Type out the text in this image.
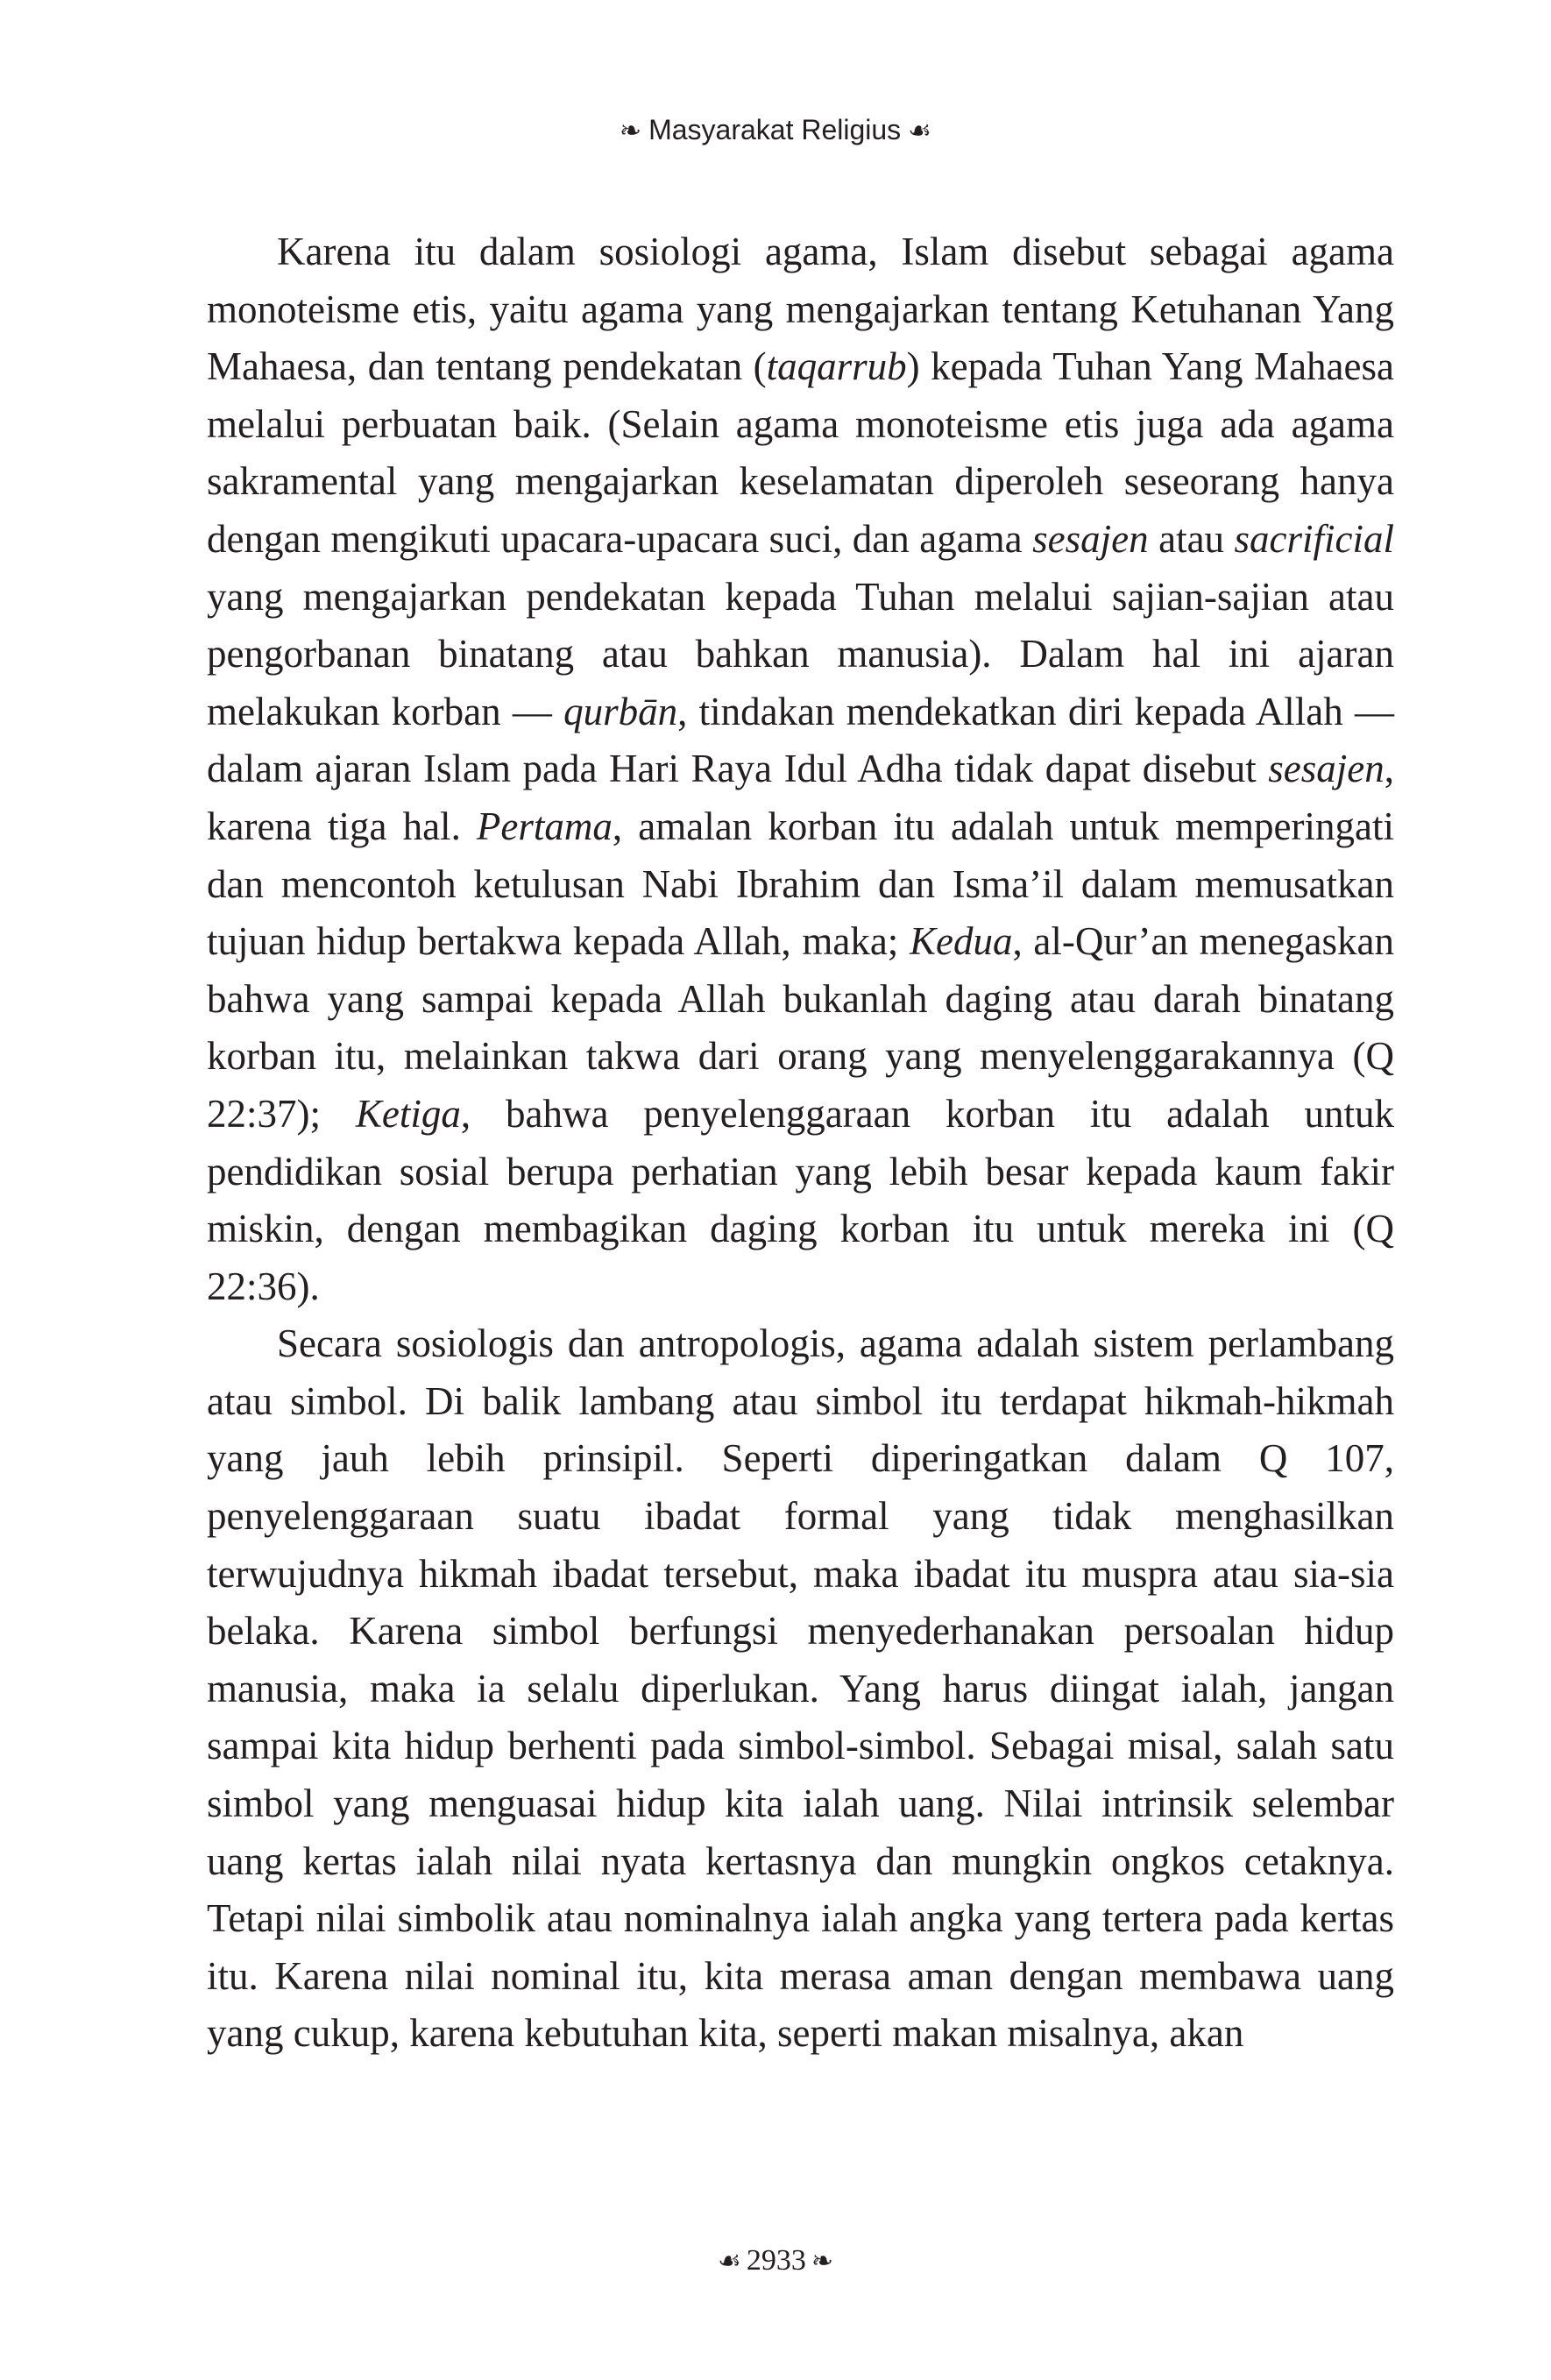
❧ Masyarakat Religius ☙

Karena itu dalam sosiologi agama, Islam disebut sebagai agama monoteisme etis, yaitu agama yang mengajarkan tentang Ketuhanan Yang Mahaesa, dan tentang pendekatan (taqarrub) kepada Tuhan Yang Mahaesa melalui perbuatan baik. (Selain agama monoteisme etis juga ada agama sakramental yang mengajarkan keselamatan diperoleh seseorang hanya dengan mengikuti upacara-upacara suci, dan agama sesajen atau sacrificial yang mengajarkan pendekatan kepada Tuhan melalui sajian-sajian atau pengorbanan binatang atau bahkan manusia). Dalam hal ini ajaran melakukan korban — qurbān, tindakan mendekatkan diri kepada Allah — dalam ajaran Islam pada Hari Raya Idul Adha tidak dapat disebut sesajen, karena tiga hal. Pertama, amalan korban itu adalah untuk memperingati dan mencontoh ketulusan Nabi Ibrahim dan Isma’il dalam memusatkan tujuan hidup bertakwa kepada Allah, maka; Kedua, al-Qur’an menegaskan bahwa yang sampai kepada Allah bukanlah daging atau darah binatang korban itu, melainkan takwa dari orang yang menyelenggarakannya (Q 22:37); Ketiga, bahwa penyelenggaraan korban itu adalah untuk pendidikan sosial berupa perhatian yang lebih besar kepada kaum fakir miskin, dengan membagikan daging korban itu untuk mereka ini (Q 22:36).

Secara sosiologis dan antropologis, agama adalah sistem perlambang atau simbol. Di balik lambang atau simbol itu terdapat hikmah-hikmah yang jauh lebih prinsipil. Seperti diperingatkan dalam Q 107, penyelenggaraan suatu ibadat formal yang tidak menghasilkan terwujudnya hikmah ibadat tersebut, maka ibadat itu muspra atau sia-sia belaka. Karena simbol berfungsi menyederhanakan persoalan hidup manusia, maka ia selalu diperlukan. Yang harus diingat ialah, jangan sampai kita hidup berhenti pada simbol-simbol. Sebagai misal, salah satu simbol yang menguasai hidup kita ialah uang. Nilai intrinsik selembar uang kertas ialah nilai nyata kertasnya dan mungkin ongkos cetaknya. Tetapi nilai simbolik atau nominalnya ialah angka yang tertera pada kertas itu. Karena nilai nominal itu, kita merasa aman dengan membawa uang yang cukup, karena kebutuhan kita, seperti makan misalnya, akan

☙ 2933 ❧
